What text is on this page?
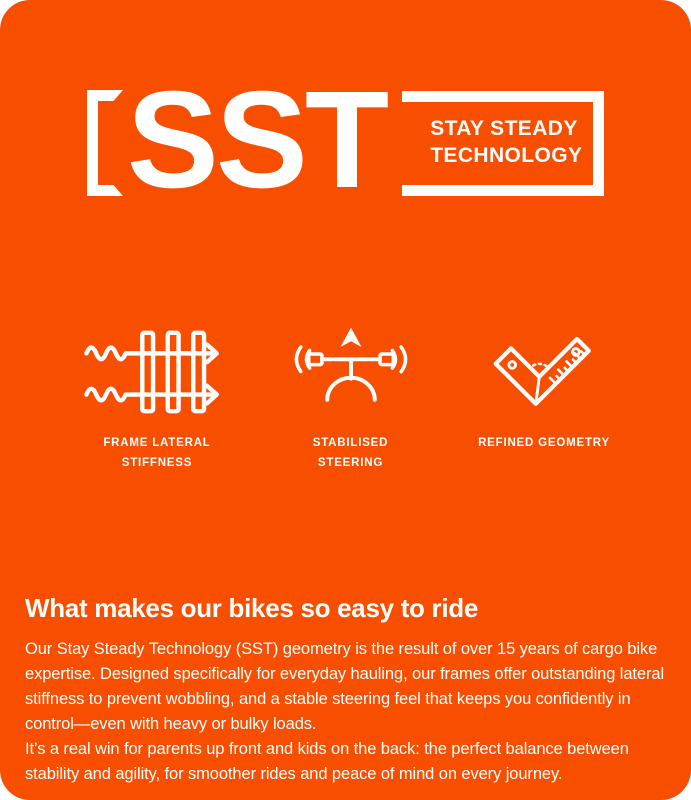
SST STAY STEADY
TECHNOLOGY
FRAME LATERAL STIFFNESS
STABILISED STEERING
REFINED GEOMETRY
What makes our bikes so easy to ride

Our Stay Steady Technology (SST) geometry is the result of over 15 years of cargo bike expertise. Designed specifically for everyday hauling, our frames offer outstanding lateral stiffness to prevent wobbling, and a stable steering feel that keeps you confidently in control—even with heavy or bulky loads.

It’s a real win for parents up front and kids on the back: the perfect balance between stability and agility, for smoother rides and peace of mind on every journey.
